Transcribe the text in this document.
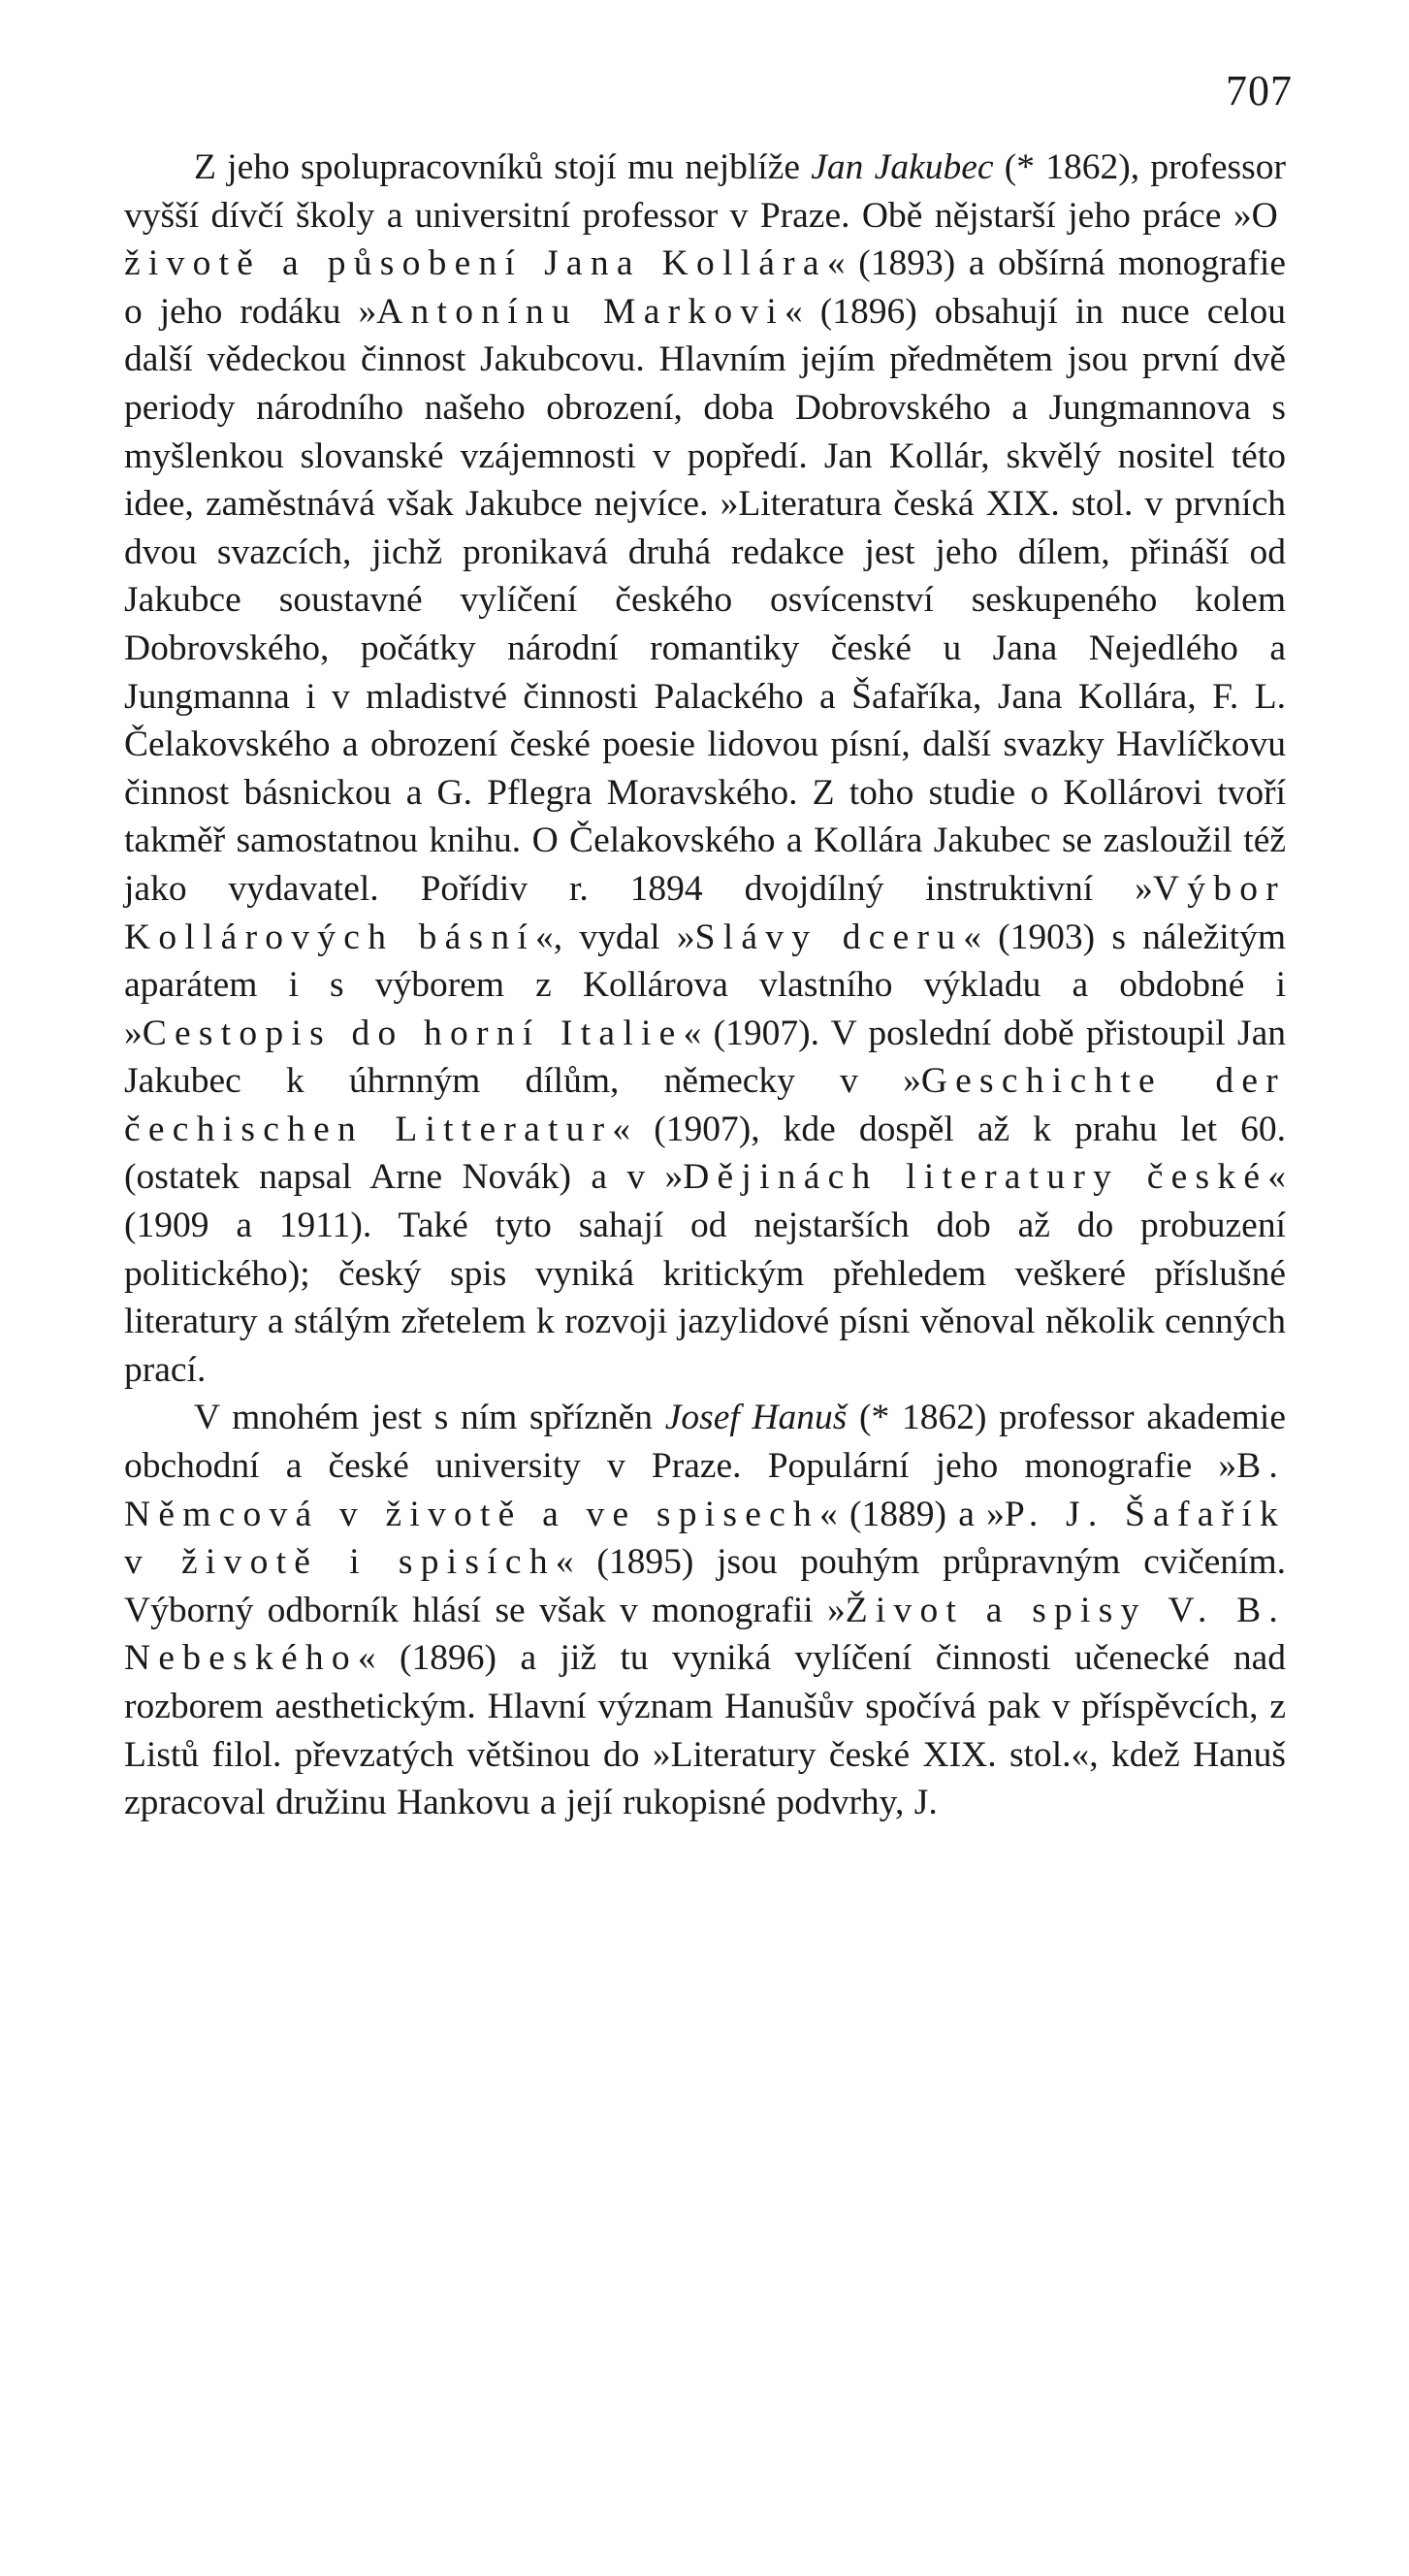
707

Z jeho spolupracovníků stojí mu nejblíže Jan Jakubec (* 1862), professor vyšší dívčí školy a universitní professor v Praze. Obě nějstarší jeho práce »O životě a působení Jana Kollára« (1893) a obšírná monografie o jeho rodáku »Antonínu Markovi« (1896) obsahují in nuce celou další vědeckou činnost Jakubcovu. Hlavním jejím předmětem jsou první dvě periody národního našeho obrození, doba Dobrovského a Jungmannova s myšlenkou slovanské vzájemnosti v popředí. Jan Kollár, skvělý nositel této idee, zaměstnává však Jakubce nejvíce. »Literatura česká XIX. stol. v prvních dvou svazcích, jichž pronikavá druhá redakce jest jeho dílem, přináší od Jakubce soustavné vylíčení českého osvícenství seskupeného kolem Dobrovského, počátky národní romantiky české u Jana Nejedlého a Jungmanna i v mladistvé činnosti Palackého a Šafaříka, Jana Kollára, F. L. Čelakovského a obrození české poesie lidovou písní, další svazky Havlíčkovu činnost básnickou a G. Pflegra Moravského. Z toho studie o Kollárovi tvoří takměř samostatnou knihu. O Čelakovského a Kollára Jakubec se zasloužil též jako vydavatel. Pořídiv r. 1894 dvojdílný instruktivní »Výbor Kollárových básní«, vydal »Slávy dceru« (1903) s náležitým aparátem i s výborem z Kollárova vlastního výkladu a obdobné i »Cestopis do horní Italie« (1907). V poslední době přistoupil Jan Jakubec k úhrnným dílům, německy v »Geschichte der čechischen Litteratur« (1907), kde dospěl až k prahu let 60. (ostatek napsal Arne Novák) a v »Dějinách literatury české« (1909 a 1911). Také tyto sahají od nejstarších dob až do probuzení politického); český spis vyniká kritickým přehledem veškeré příslušné literatury a stálým zřetelem k rozvoji jazylidové písni věnoval několik cenných prací.

V mnohém jest s ním spřízněn Josef Hanuš (* 1862) professor akademie obchodní a české university v Praze. Populární jeho monografie »B. Němcová v životě a ve spisech« (1889) a »P. J. Šafařík v životě i spisích« (1895) jsou pouhým průpravným cvičením. Výborný odborník hlásí se však v monografii »Život a spisy V. B. Nebeského« (1896) a již tu vyniká vylíčení činnosti učenecké nad rozborem aesthetickým. Hlavní význam Hanušův spočívá pak v příspěvcích, z Listů filol. převzatých většinou do »Literatury české XIX. stol.«, kdež Hanuš zpracoval družinu Hankovu a její rukopisné podvrhy, J.
